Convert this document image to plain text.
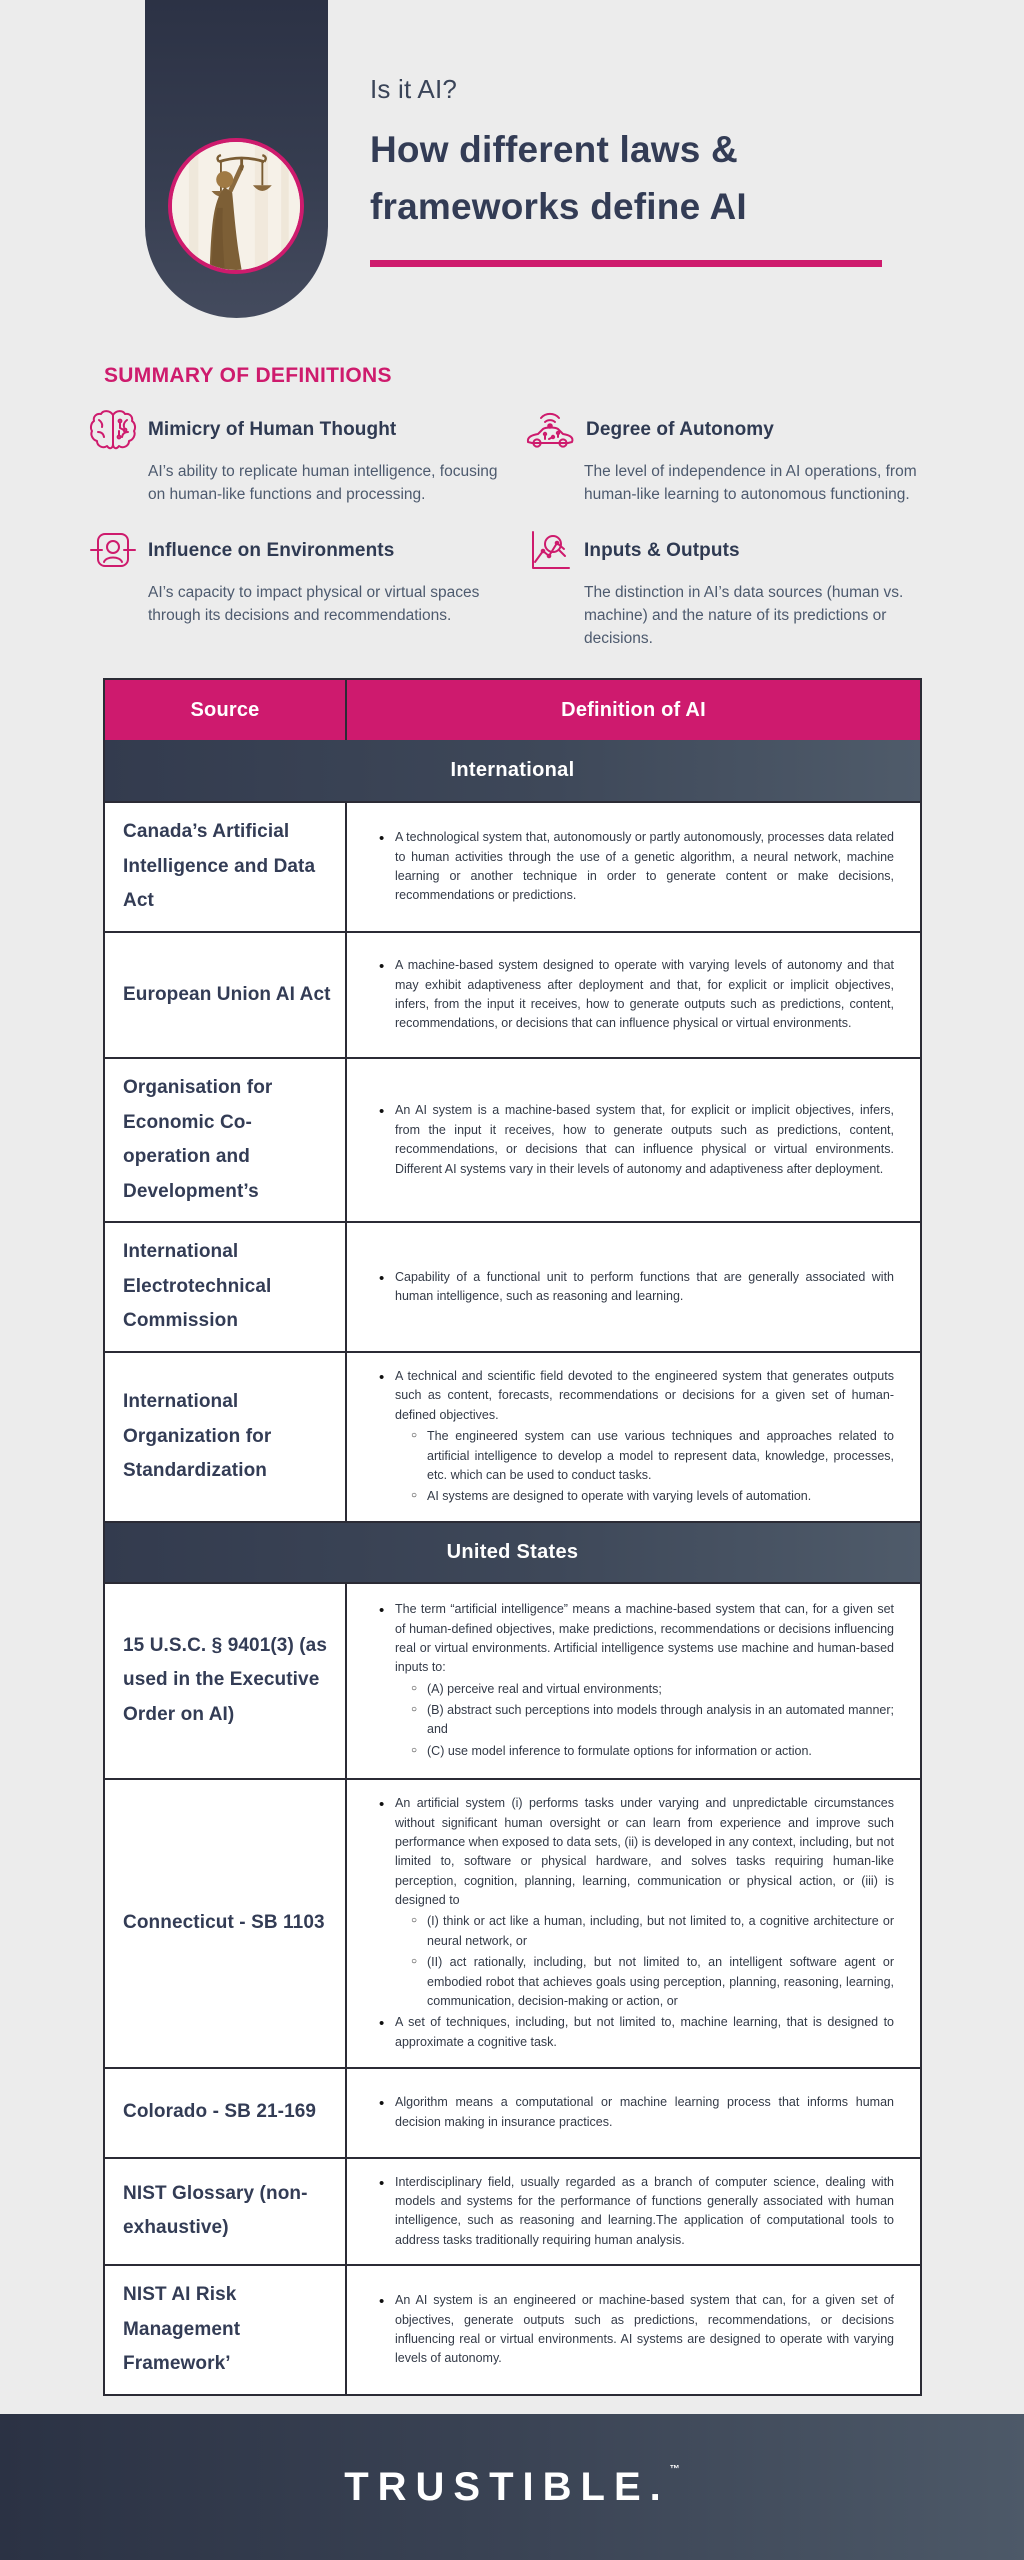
Is it AI?
How different laws &
frameworks define AI
SUMMARY OF DEFINITIONS
Mimicry of Human Thought

AI’s ability to replicate human intelligence, focusing on human-like functions and processing.

Degree of Autonomy

The level of independence in AI operations, from human-like learning to autonomous functioning.

Influence on Environments

AI’s capacity to impact physical or virtual spaces through its decisions and recommendations.

Inputs & Outputs

The distinction in AI’s data sources (human vs. machine) and the nature of its predictions or decisions.

Source	Definition of AI
International
Canada’s Artificial Intelligence and Data Act
• A technological system that, autonomously or partly autonomously, processes data related to human activities through the use of a genetic algorithm, a neural network, machine learning or another technique in order to generate content or make decisions, recommendations or predictions.
European Union AI Act
• A machine-based system designed to operate with varying levels of autonomy and that may exhibit adaptiveness after deployment and that, for explicit or implicit objectives, infers, from the input it receives, how to generate outputs such as predictions, content, recommendations, or decisions that can influence physical or virtual environments.
Organisation for Economic Co-operation and Development’s
• An AI system is a machine-based system that, for explicit or implicit objectives, infers, from the input it receives, how to generate outputs such as predictions, content, recommendations, or decisions that can influence physical or virtual environments. Different AI systems vary in their levels of autonomy and adaptiveness after deployment.
International Electrotechnical Commission
• Capability of a functional unit to perform functions that are generally associated with human intelligence, such as reasoning and learning.
International Organization for Standardization
• A technical and scientific field devoted to the engineered system that generates outputs such as content, forecasts, recommendations or decisions for a given set of human-defined objectives.
○ The engineered system can use various techniques and approaches related to artificial intelligence to develop a model to represent data, knowledge, processes, etc. which can be used to conduct tasks.
○ AI systems are designed to operate with varying levels of automation.
United States
15 U.S.C. § 9401(3) (as used in the Executive Order on AI)
• The term “artificial intelligence” means a machine-based system that can, for a given set of human-defined objectives, make predictions, recommendations or decisions influencing real or virtual environments. Artificial intelligence systems use machine and human-based inputs to:
○ (A) perceive real and virtual environments;
○ (B) abstract such perceptions into models through analysis in an automated manner; and
○ (C) use model inference to formulate options for information or action.
Connecticut - SB 1103
• An artificial system (i) performs tasks under varying and unpredictable circumstances without significant human oversight or can learn from experience and improve such performance when exposed to data sets, (ii) is developed in any context, including, but not limited to, software or physical hardware, and solves tasks requiring human-like perception, cognition, planning, learning, communication or physical action, or (iii) is designed to
○ (I) think or act like a human, including, but not limited to, a cognitive architecture or neural network, or
○ (II) act rationally, including, but not limited to, an intelligent software agent or embodied robot that achieves goals using perception, planning, reasoning, learning, communication, decision-making or action, or
• A set of techniques, including, but not limited to, machine learning, that is designed to approximate a cognitive task.
Colorado - SB 21-169	• Algorithm means a computational or machine learning process that informs human decision making in insurance practices.
NIST Glossary (non-exhaustive)
• Interdisciplinary field, usually regarded as a branch of computer science, dealing with models and systems for the performance of functions generally associated with human intelligence, such as reasoning and learning.The application of computational tools to address tasks traditionally requiring human analysis.
NIST AI Risk Management Framework’
• An AI system is an engineered or machine-based system that can, for a given set of objectives, generate outputs such as predictions, recommendations, or decisions influencing real or virtual environments. AI systems are designed to operate with varying levels of autonomy.
TRUSTIBLE.™
